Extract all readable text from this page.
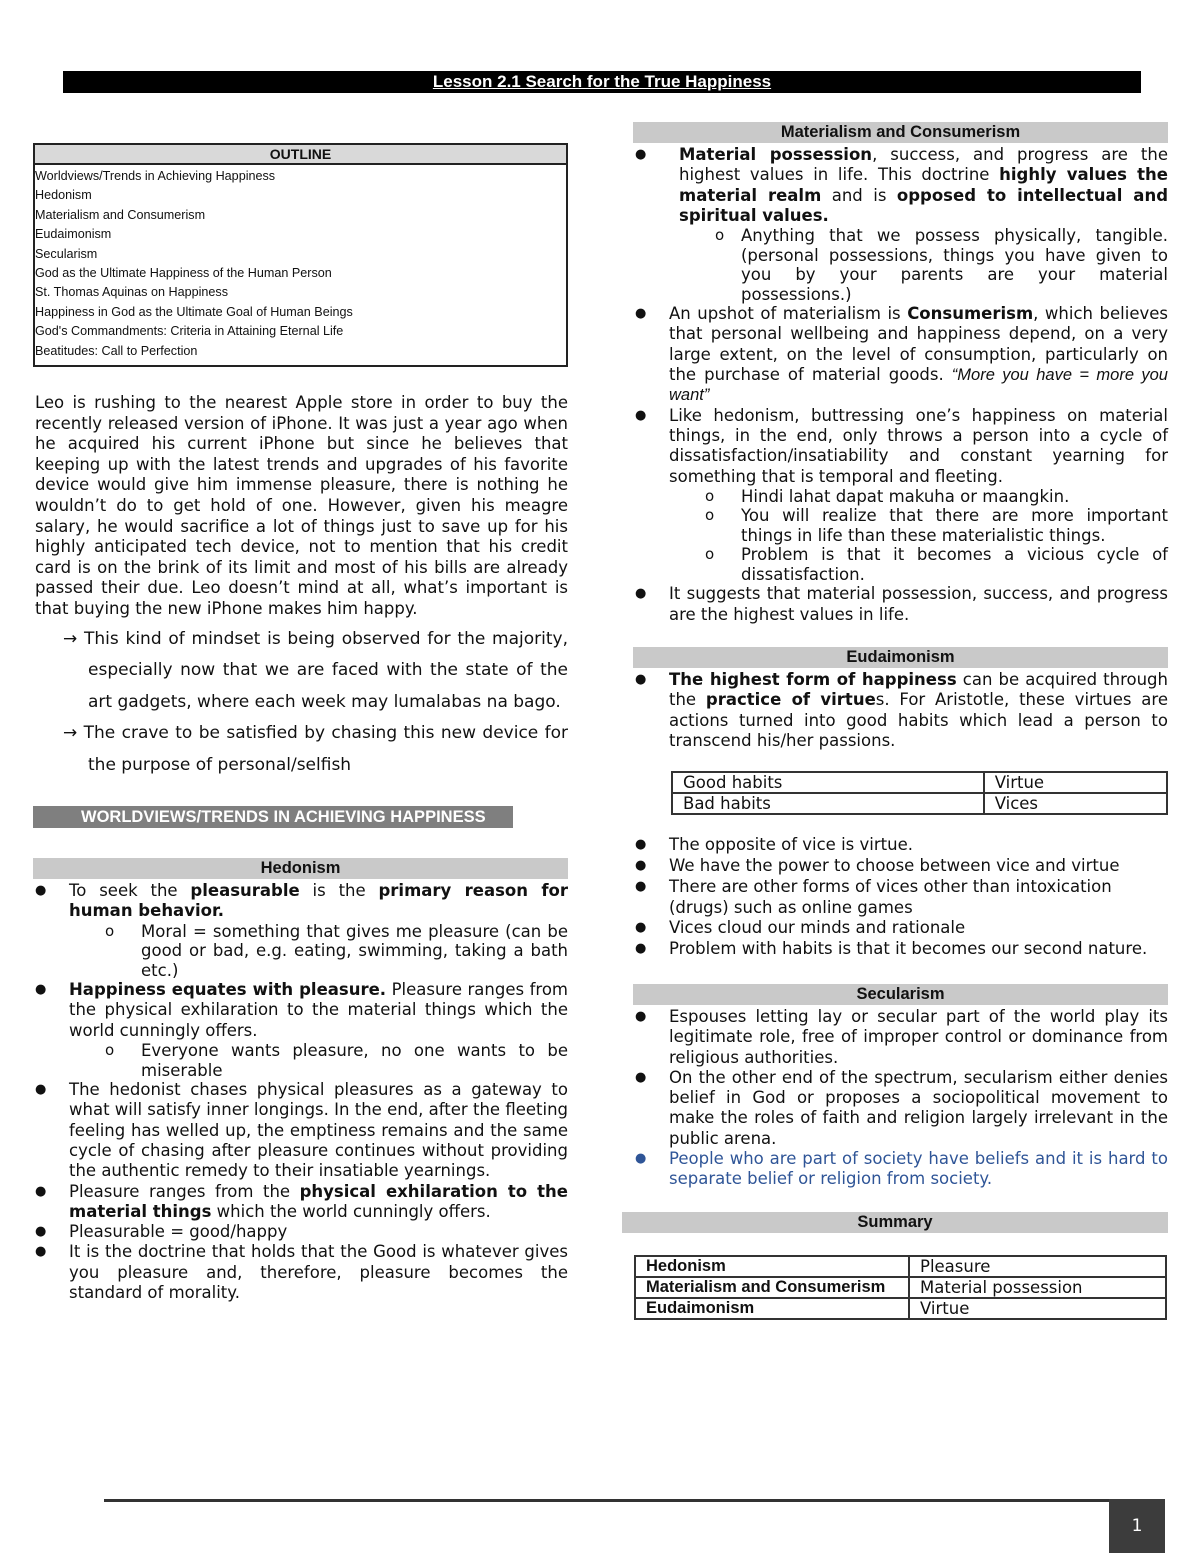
Lesson 2.1 Search for the True Happiness
OUTLINE
Worldviews/Trends in Achieving Happiness
Hedonism
Materialism and Consumerism
Eudaimonism
Secularism
God as the Ultimate Happiness of the Human Person
St. Thomas Aquinas on Happiness
Happiness in God as the Ultimate Goal of Human Beings
God's Commandments: Criteria in Attaining Eternal Life
Beatitudes: Call to Perfection

Leo is rushing to the nearest Apple store in order to buy the recently released version of iPhone. It was just a year ago when he acquired his current iPhone but since he believes that keeping up with the latest trends and upgrades of his favorite device would give him immense pleasure, there is nothing he wouldn’t do to get hold of one. However, given his meagre salary, he would sacrifice a lot of things just to save up for his highly anticipated tech device, not to mention that his credit card is on the brink of its limit and most of his bills are already passed their due. Leo doesn’t mind at all, what’s important is that buying the new iPhone makes him happy.

→ This kind of mindset is being observed for the majority, especially now that we are faced with the state of the art gadgets, where each week may lumalabas na bago.
→ The crave to be satisfied by chasing this new device for the purpose of personal/selfish
WORLDVIEWS/TRENDS IN ACHIEVING HAPPINESS
Hedonism
● To seek the pleasurable is the primary reason for human behavior.
o Moral = something that gives me pleasure (can be good or bad, e.g. eating, swimming, taking a bath etc.)
● Happiness equates with pleasure. Pleasure ranges from the physical exhilaration to the material things which the world cunningly offers.
o Everyone wants pleasure, no one wants to be miserable
● The hedonist chases physical pleasures as a gateway to what will satisfy inner longings. In the end, after the fleeting feeling has welled up, the emptiness remains and the same cycle of chasing after pleasure continues without providing the authentic remedy to their insatiable yearnings.
● Pleasure ranges from the physical exhilaration to the material things which the world cunningly offers.
● Pleasurable = good/happy
● It is the doctrine that holds that the Good is whatever gives you pleasure and, therefore, pleasure becomes the standard of morality.
Materialism and Consumerism
● Material possession, success, and progress are the highest values in life. This doctrine highly values the material realm and is opposed to intellectual and spiritual values.
o Anything that we possess physically, tangible. (personal possessions, things you have given to you by your parents are your material possessions.)
● An upshot of materialism is Consumerism, which believes that personal wellbeing and happiness depend, on a very large extent, on the level of consumption, particularly on the purchase of material goods. “More you have = more you want”
● Like hedonism, buttressing one’s happiness on material things, in the end, only throws a person into a cycle of dissatisfaction/insatiability and constant yearning for something that is temporal and fleeting.
o Hindi lahat dapat makuha or maangkin.
o You will realize that there are more important things in life than these materialistic things.
o Problem is that it becomes a vicious cycle of dissatisfaction.
● It suggests that material possession, success, and progress are the highest values in life.
Eudaimonism
● The highest form of happiness can be acquired through the practice of virtues. For Aristotle, these virtues are actions turned into good habits which lead a person to transcend his/her passions.
Good habits	Virtue
Bad habits	Vices
● The opposite of vice is virtue.
● We have the power to choose between vice and virtue
● There are other forms of vices other than intoxication (drugs) such as online games
● Vices cloud our minds and rationale
● Problem with habits is that it becomes our second nature.
Secularism
● Espouses letting lay or secular part of the world play its legitimate role, free of improper control or dominance from religious authorities.
● On the other end of the spectrum, secularism either denies belief in God or proposes a sociopolitical movement to make the roles of faith and religion largely irrelevant in the public arena.
● People who are part of society have beliefs and it is hard to separate belief or religion from society.
Summary
Hedonism	Pleasure
Materialism and Consumerism	Material possession
Eudaimonism	Virtue
1
